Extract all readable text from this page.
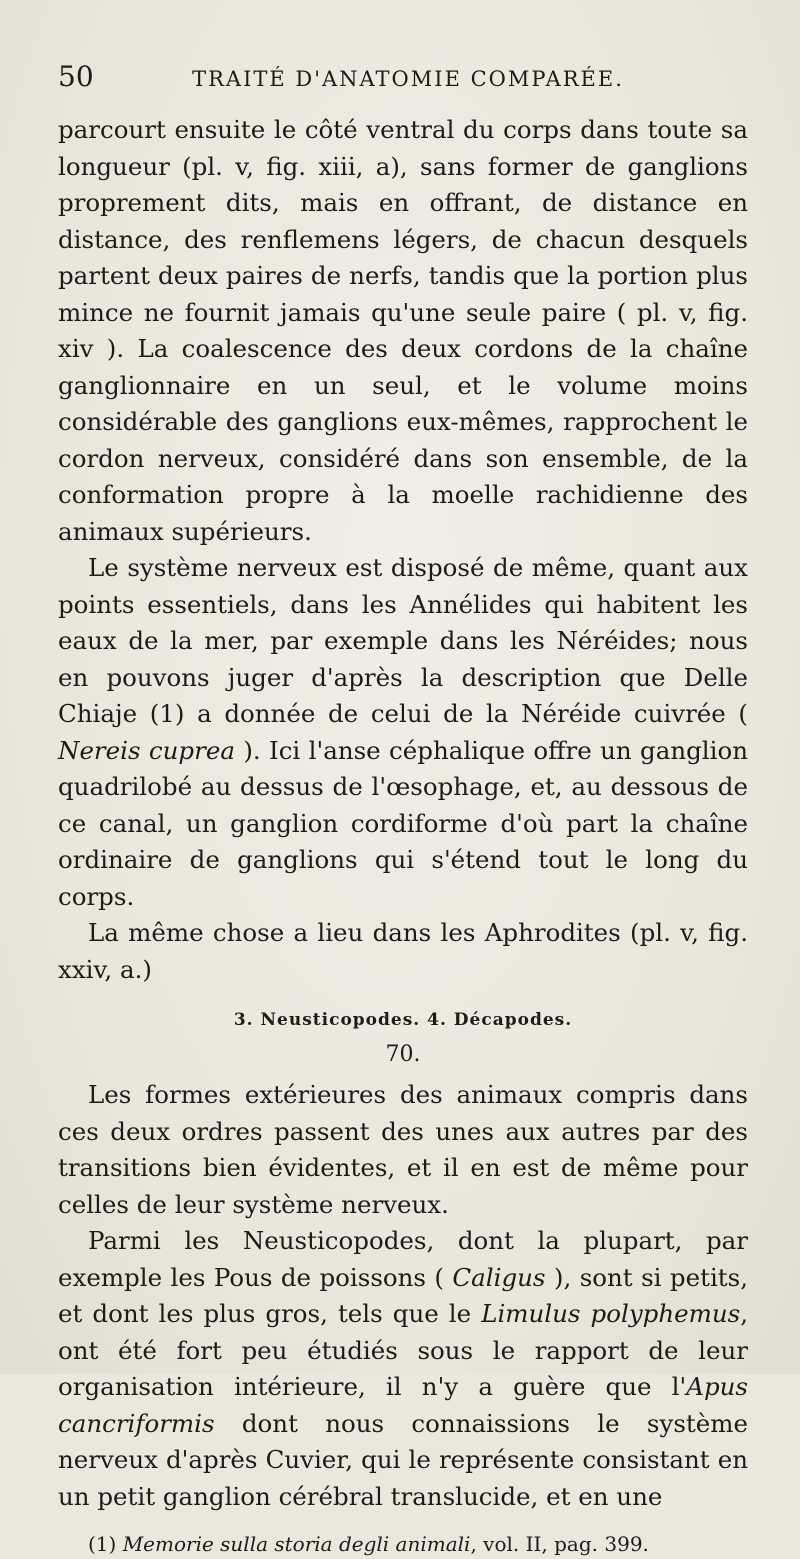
50	TRAITÉ D'ANATOMIE COMPARÉE.

parcourt ensuite le côté ventral du corps dans toute sa longueur (pl. v, fig. xiii, a), sans former de ganglions proprement dits, mais en offrant, de distance en distance, des renflemens légers, de chacun desquels partent deux paires de nerfs, tandis que la portion plus mince ne fournit jamais qu'une seule paire ( pl. v, fig. xiv ). La coalescence des deux cordons de la chaîne ganglionnaire en un seul, et le volume moins considérable des ganglions eux-mêmes, rapprochent le cordon nerveux, considéré dans son ensemble, de la conformation propre à la moelle rachidienne des animaux supérieurs.

Le système nerveux est disposé de même, quant aux points essentiels, dans les Annélides qui habitent les eaux de la mer, par exemple dans les Néréides; nous en pouvons juger d'après la description que Delle Chiaje (1) a donnée de celui de la Néréide cuivrée ( Nereis cuprea ). Ici l'anse céphalique offre un ganglion quadrilobé au dessus de l'œsophage, et, au dessous de ce canal, un ganglion cordiforme d'où part la chaîne ordinaire de ganglions qui s'étend tout le long du corps.

La même chose a lieu dans les Aphrodites (pl. v, fig. xxiv, a.)

3. Neusticopodes. 4. Décapodes.
70.

Les formes extérieures des animaux compris dans ces deux ordres passent des unes aux autres par des transitions bien évidentes, et il en est de même pour celles de leur système nerveux.

Parmi les Neusticopodes, dont la plupart, par exemple les Pous de poissons ( Caligus ), sont si petits, et dont les plus gros, tels que le Limulus polyphemus, ont été fort peu étudiés sous le rapport de leur organisation intérieure, il n'y a guère que l'Apus cancriformis dont nous connaissions le système nerveux d'après Cuvier, qui le représente consistant en un petit ganglion cérébral translucide, et en une

(1) Memorie sulla storia degli animali, vol. II, pag. 399.
